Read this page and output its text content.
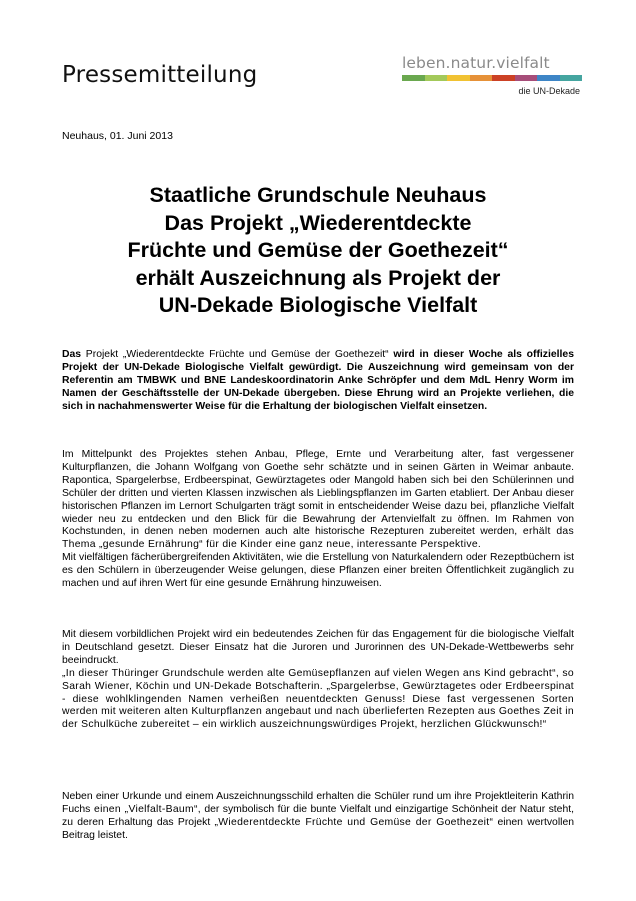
Pressemitteilung	leben.natur.vielfalt
die UN-Dekade
Neuhaus, 01. Juni 2013
Staatliche Grundschule Neuhaus
Das Projekt „Wiederentdeckte
Früchte und Gemüse der Goethezeit“
erhält Auszeichnung als Projekt der
UN-Dekade Biologische Vielfalt

Das Projekt „Wiederentdeckte Früchte und Gemüse der Goethezeit“ wird in dieser Woche als offizielles Projekt der UN-Dekade Biologische Vielfalt gewürdigt. Die Auszeichnung wird gemeinsam von der Referentin am TMBWK und BNE Landeskoordinatorin Anke Schröpfer und dem MdL Henry Worm im Namen der Geschäftsstelle der UN-Dekade übergeben. Diese Ehrung wird an Projekte verliehen, die sich in nachahmenswerter Weise für die Erhaltung der biologischen Vielfalt einsetzen.

Im Mittelpunkt des Projektes stehen Anbau, Pflege, Ernte und Verarbeitung alter, fast vergessener Kulturpflanzen, die Johann Wolfgang von Goethe sehr schätzte und in seinen Gärten in Weimar anbaute. Rapontica, Spargelerbse, Erdbeerspinat, Gewürztagetes oder Mangold haben sich bei den Schülerinnen und Schüler der dritten und vierten Klassen inzwischen als Lieblingspflanzen im Garten etabliert. Der Anbau dieser historischen Pflanzen im Lernort Schulgarten trägt somit in entscheidender Weise dazu bei, pflanzliche Vielfalt wieder neu zu entdecken und den Blick für die Bewahrung der Artenvielfalt zu öffnen. Im Rahmen von Kochstunden, in denen neben modernen auch alte historische Rezepturen zubereitet werden, erhält das Thema „gesunde Ernährung“ für die Kinder eine ganz neue, interessante Perspektive.

Mit vielfältigen fächerübergreifenden Aktivitäten, wie die Erstellung von Naturkalendern oder Rezeptbüchern ist es den Schülern in überzeugender Weise gelungen, diese Pflanzen einer breiten Öffentlichkeit zugänglich zu machen und auf ihren Wert für eine gesunde Ernährung hinzuweisen.

Mit diesem vorbildlichen Projekt wird ein bedeutendes Zeichen für das Engagement für die biologische Vielfalt in Deutschland gesetzt. Dieser Einsatz hat die Juroren und Jurorinnen des UN-Dekade-Wettbewerbs sehr beeindruckt.

„In dieser Thüringer Grundschule werden alte Gemüsepflanzen auf vielen Wegen ans Kind gebracht“, so Sarah Wiener, Köchin und UN-Dekade Botschafterin. „Spargelerbse, Gewürztagetes oder Erdbeerspinat - diese wohlklingenden Namen verheißen neuentdeckten Genuss! Diese fast vergessenen Sorten werden mit weiteren alten Kulturpflanzen angebaut und nach überlieferten Rezepten aus Goethes Zeit in der Schulküche zubereitet – ein wirklich auszeichnungswürdiges Projekt, herzlichen Glückwunsch!“

Neben einer Urkunde und einem Auszeichnungsschild erhalten die Schüler rund um ihre Projektleiterin Kathrin Fuchs einen „Vielfalt-Baum“, der symbolisch für die bunte Vielfalt und einzigartige Schönheit der Natur steht, zu deren Erhaltung das Projekt „Wiederentdeckte Früchte und Gemüse der Goethezeit“ einen wertvollen Beitrag leistet.
